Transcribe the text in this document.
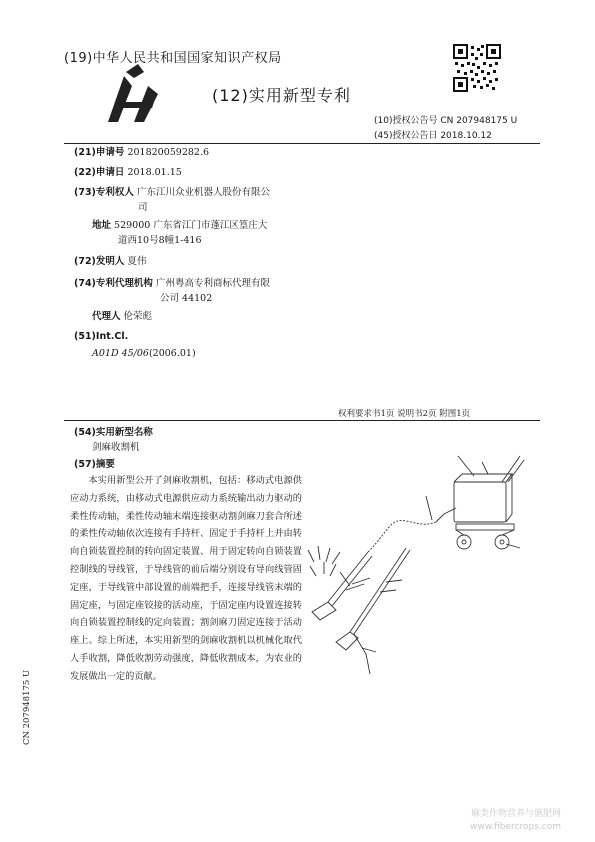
(19)中华人民共和国国家知识产权局
(12)实用新型专利
(10)授权公告号 CN 207948175 U
(45)授权公告日 2018.10.12
(21)申请号 201820059282.6
(22)申请日 2018.01.15
(73)专利权人 广东江川众业机器人股份有限公
司
地址 529000 广东省江门市蓬江区篁庄大
道西10号8幢1-416
(72)发明人 夏伟
(74)专利代理机构 广州粤高专利商标代理有限
公司 44102
代理人 伦荣彪
(51)Int.Cl.
A01D 45/06(2006.01)
权利要求书1页 说明书2页 附图1页
(54)实用新型名称
剑麻收割机
(57)摘要
本实用新型公开了剑麻收割机，包括：移动式电源供应动力系统，由移动式电源供应动力系统输出动力驱动的柔性传动轴，柔性传动轴末端连接驱动割剑麻刀套合所述的柔性传动轴依次连接有手持杆、固定于手持杆上并由转向自锁装置控制的转向固定装置、用于固定转向自锁装置控制线的导线管，于导线管的前后端分别设有导向线管固定座，于导线管中部设置的前端把手，连接导线管末端的固定座，与固定座铰接的活动座，于固定座内设置连接转向自锁装置控制线的定向装置；割剑麻刀固定连接于活动座上。综上所述，本实用新型的剑麻收割机以机械化取代人手收割，降低收割劳动强度，降低收割成本，为农业的发展做出一定的贡献。
CN 207948175 U
麻类作物营养与施肥网
www.fibercrops.com
